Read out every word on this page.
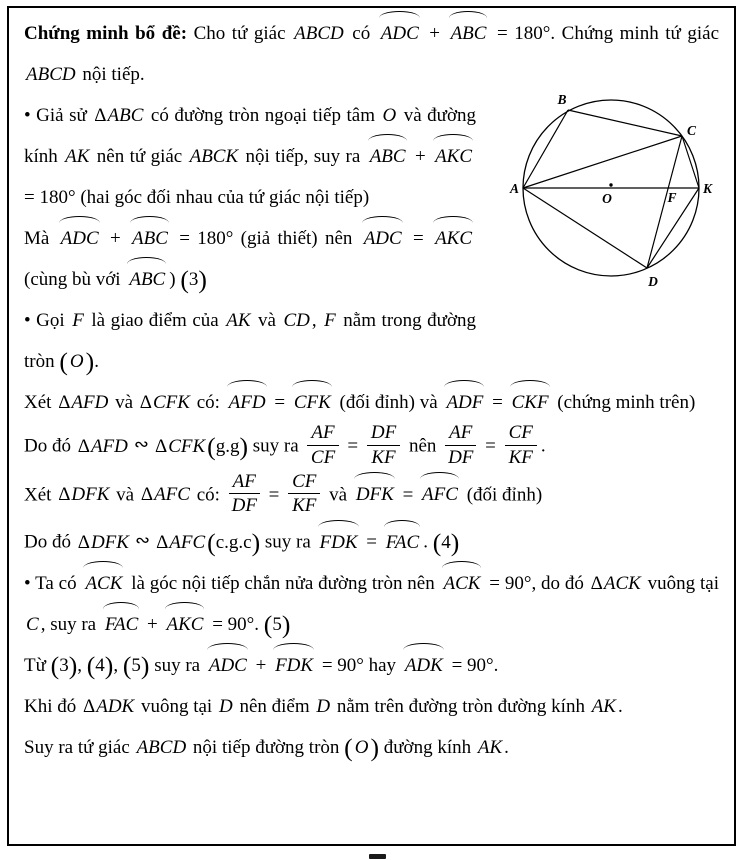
Chứng minh bổ đề: Cho tứ giác ABCD có ADC + ABC = 180°. Chứng minh tứ giác ABCD nội tiếp.

• Giả sử ΔABC có đường tròn ngoại tiếp tâm O và đường kính AK nên tứ giác ABCK nội tiếp, suy ra ABC + AKC = 180° (hai góc đối nhau của tứ giác nội tiếp)

Mà ADC + ABC = 180° (giả thiết) nên ADC = AKC (cùng bù với ABC ) (3)

• Gọi F là giao điểm của AK và CD , F nằm trong đường tròn ( O).

Xét ΔAFD và ΔCFK có: AFD = CFK (đối đỉnh) và ADF = CKF (chứng minh trên)

Do đó ΔAFD ∾ ΔCFK(g.g) suy ra $\frac{AF}{CF} = \frac{DF}{KF}$ nên $\frac{AF}{DF} = \frac{CF}{KF}$ .

Xét ΔDFK và ΔAFC có: $\frac{AF}{DF} = \frac{CF}{KF}$ và DFK = AFC (đối đỉnh)

Do đó ΔDFK ∾ ΔAFC(c.g.c) suy ra FDK = FAC . (4)

• Ta có ACK là góc nội tiếp chắn nửa đường tròn nên ACK = 90°, do đó ΔACK vuông tại C , suy ra FAC + AKC = 90°. (5)

Từ (3), (4), (5) suy ra ADC + FDK = 90° hay ADK = 90°.

Khi đó ΔADK vuông tại D nên điểm D nằm trên đường tròn đường kính AK .

Suy ra tứ giác ABCD nội tiếp đường tròn ( O) đường kính AK .

A
B
C
K
D
O	F
